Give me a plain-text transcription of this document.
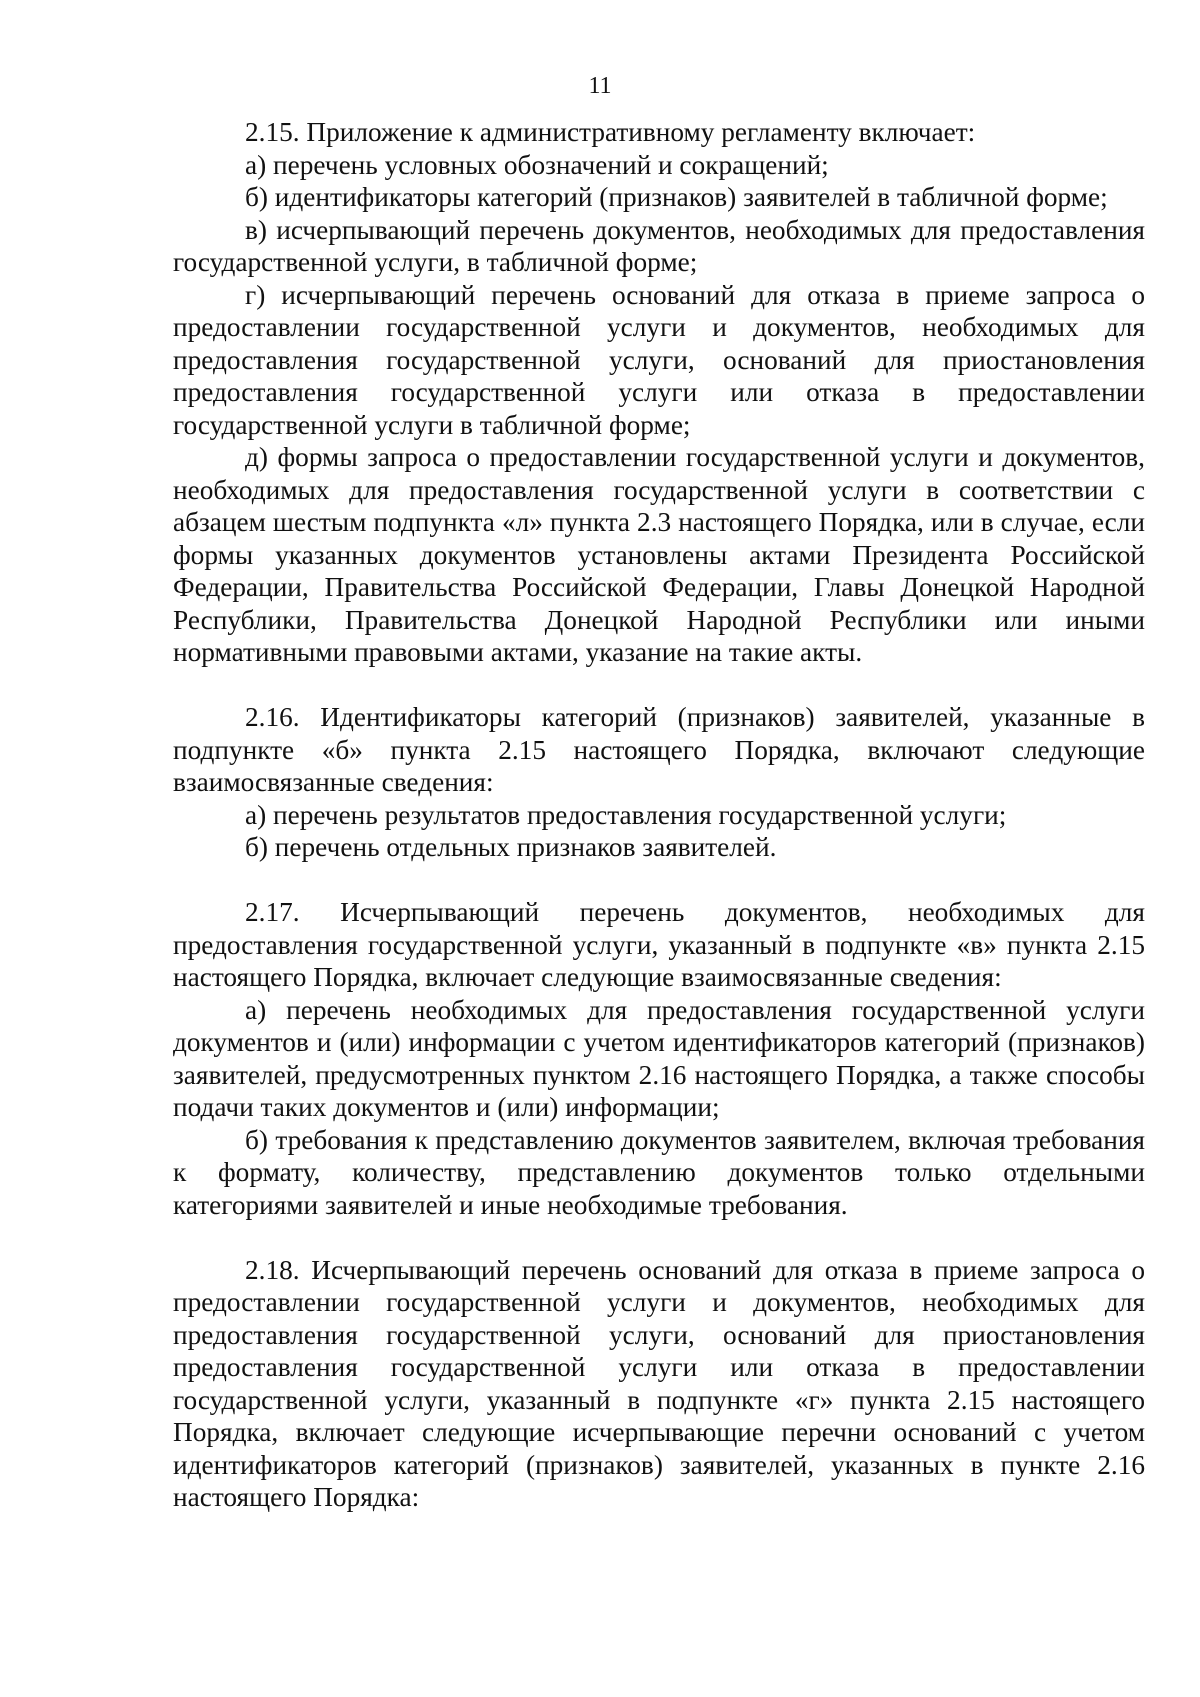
11

2.15. Приложение к административному регламенту включает:

а) перечень условных обозначений и сокращений;

б) идентификаторы категорий (признаков) заявителей в табличной форме;

в) исчерпывающий перечень документов, необходимых для предоставления государственной услуги, в табличной форме;

г) исчерпывающий перечень оснований для отказа в приеме запроса о предоставлении государственной услуги и документов, необходимых для предоставления государственной услуги, оснований для приостановления предоставления государственной услуги или отказа в предоставлении государственной услуги в табличной форме;

д) формы запроса о предоставлении государственной услуги и документов, необходимых для предоставления государственной услуги в соответствии с абзацем шестым подпункта «л» пункта 2.3 настоящего Порядка, или в случае, если формы указанных документов установлены актами Президента Российской Федерации, Правительства Российской Федерации, Главы Донецкой Народной Республики, Правительства Донецкой Народной Республики или иными нормативными правовыми актами, указание на такие акты.

2.16. Идентификаторы категорий (признаков) заявителей, указанные в подпункте «б» пункта 2.15 настоящего Порядка, включают следующие взаимосвязанные сведения:

а) перечень результатов предоставления государственной услуги;

б) перечень отдельных признаков заявителей.

2.17. Исчерпывающий перечень документов, необходимых для предоставления государственной услуги, указанный в подпункте «в» пункта 2.15 настоящего Порядка, включает следующие взаимосвязанные сведения:

а) перечень необходимых для предоставления государственной услуги документов и (или) информации с учетом идентификаторов категорий (признаков) заявителей, предусмотренных пунктом 2.16 настоящего Порядка, а также способы подачи таких документов и (или) информации;

б) требования к представлению документов заявителем, включая требования к формату, количеству, представлению документов только отдельными категориями заявителей и иные необходимые требования.

2.18. Исчерпывающий перечень оснований для отказа в приеме запроса о предоставлении государственной услуги и документов, необходимых для предоставления государственной услуги, оснований для приостановления предоставления государственной услуги или отказа в предоставлении государственной услуги, указанный в подпункте «г» пункта 2.15 настоящего Порядка, включает следующие исчерпывающие перечни оснований с учетом идентификаторов категорий (признаков) заявителей, указанных в пункте 2.16 настоящего Порядка:
